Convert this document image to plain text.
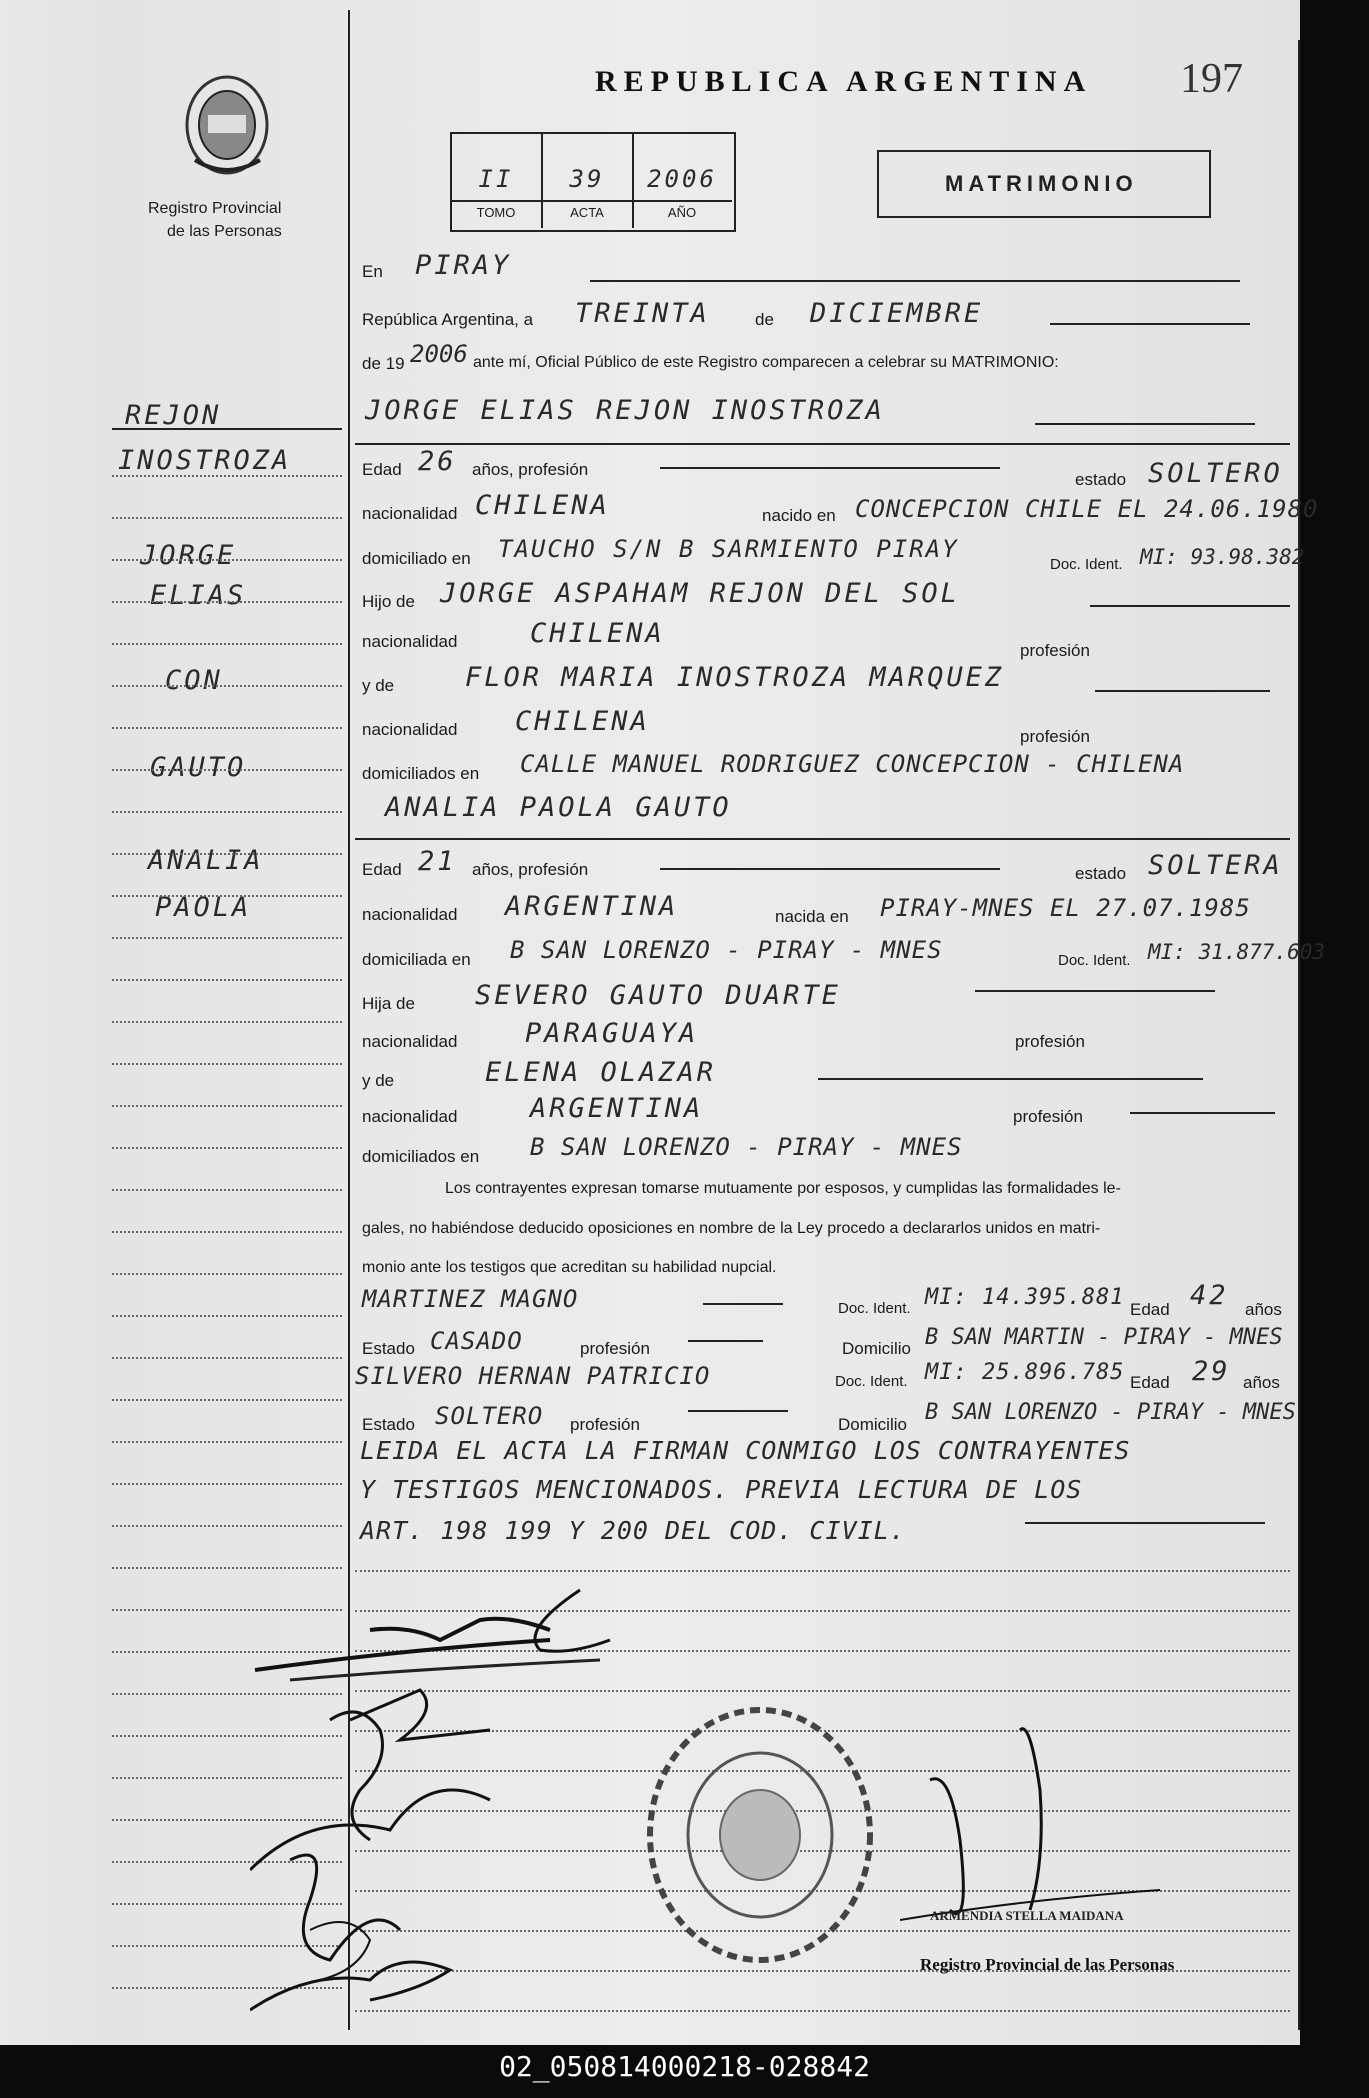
Registro Provincial
de las Personas
REPUBLICA ARGENTINA 197
II	39	2006
TOMO	ACTA	AÑO
MATRIMONIO
REJON
INOSTROZA
JORGE
ELIAS
CON
GAUTO
ANALIA
PAOLA
En PIRAY
República Argentina, a TREINTA	de DICIEMBRE
de 19 2006 ante mí, Oficial Público de este Registro comparecen a celebrar su MATRIMONIO:
JORGE ELIAS REJON INOSTROZA
Edad 26 años, profesión
estado SOLTERO
nacionalidad CHILENA	nacido en CONCEPCION CHILE EL 24.06.1980
domiciliado en TAUCHO S/N B SARMIENTO PIRAY
Doc. Ident. MI: 93.98.382
Hijo de JORGE ASPAHAM REJON DEL SOL
nacionalidad	CHILENA
profesión
y de	FLOR MARIA INOSTROZA MARQUEZ
nacionalidad CHILENA	profesión
domiciliados en CALLE MANUEL RODRIGUEZ CONCEPCION - CHILENA
ANALIA PAOLA GAUTO
Edad 21 años, profesión	estado SOLTERA
nacionalidad ARGENTINA	nacida en PIRAY-MNES EL 27.07.1985
domiciliada en B SAN LORENZO - PIRAY - MNES	Doc. Ident. MI: 31.877.603
Hija de SEVERO GAUTO DUARTE
nacionalidad	PARAGUAYA	profesión
y de	ELENA OLAZAR
nacionalidad	ARGENTINA	profesión
domiciliados en B SAN LORENZO - PIRAY - MNES
Los contrayentes expresan tomarse mutuamente por esposos, y cumplidas las formalidades le-
gales, no habiéndose deducido oposiciones en nombre de la Ley procedo a declararlos unidos en matri-
monio ante los testigos que acreditan su habilidad nupcial.
MARTINEZ MAGNO	Doc. Ident. MI: 14.395.881 Edad 42 años
Estado CASADO	profesión	Domicilio B SAN MARTIN - PIRAY - MNES
SILVERO HERNAN PATRICIO	Doc. Ident. MI: 25.896.785 Edad 29 años
Estado SOLTERO profesión	Domicilio B SAN LORENZO - PIRAY - MNES
LEIDA EL ACTA LA FIRMAN CONMIGO LOS CONTRAYENTES
Y TESTIGOS MENCIONADOS. PREVIA LECTURA DE LOS
ART. 198 199 Y 200 DEL COD. CIVIL.
ARMENDIA STELLA MAIDANA
Registro Provincial de las Personas
02_050814000218-028842
